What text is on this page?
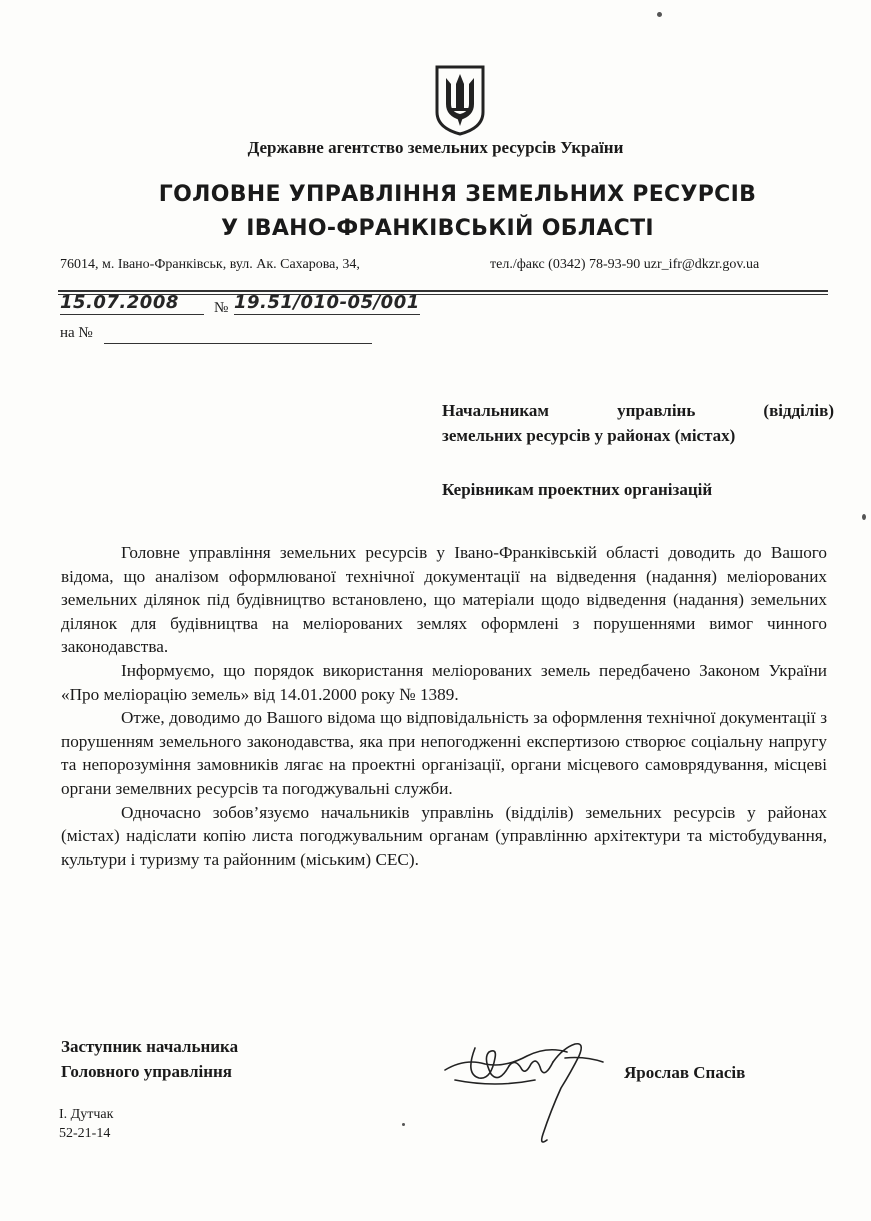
Державне агентство земельних ресурсів України
ГОЛОВНЕ УПРАВЛІННЯ ЗЕМЕЛЬНИХ РЕСУРСІВ
У ІВАНО-ФРАНКІВСЬКІЙ ОБЛАСТІ
76014, м. Івано-Франківськ, вул. Ак. Сахарова, 34,	тел./факс (0342) 78-93-90 uzr_ifr@dkzr.gov.ua
15.07.2008	№ 19.51/010-05/001
на №
Начальникам управлінь (відділів)
земельних ресурсів у районах (містах)
Керівникам проектних організацій

Головне управління земельних ресурсів у Івано-Франківській області доводить до Вашого відома, що аналізом оформлюваної технічної документації на відведення (надання) меліорованих земельних ділянок під будівництво встановлено, що матеріали щодо відведення (надання) земельних ділянок для будівництва на меліорованих землях оформлені з порушеннями вимог чинного законодавства.

Інформуємо, що порядок використання меліорованих земель передбачено Законом України «Про меліорацію земель» від 14.01.2000 року № 1389.

Отже, доводимо до Вашого відома що відповідальність за оформлення технічної документації з порушенням земельного законодавства, яка при непогодженні експертизою створює соціальну напругу та непорозуміння замовників лягає на проектні організації, органи місцевого самоврядування, місцеві органи земелвних ресурсів та погоджувальні служби.

Одночасно зобов’язуємо начальників управлінь (відділів) земельних ресурсів у районах (містах) надіслати копію листа погоджувальним органам (управлінню архітектури та містобудування, культури і туризму та районним (міським) СЕС).

Заступник начальника
Головного управління	Ярослав Спасів
І. Дутчак
52-21-14
